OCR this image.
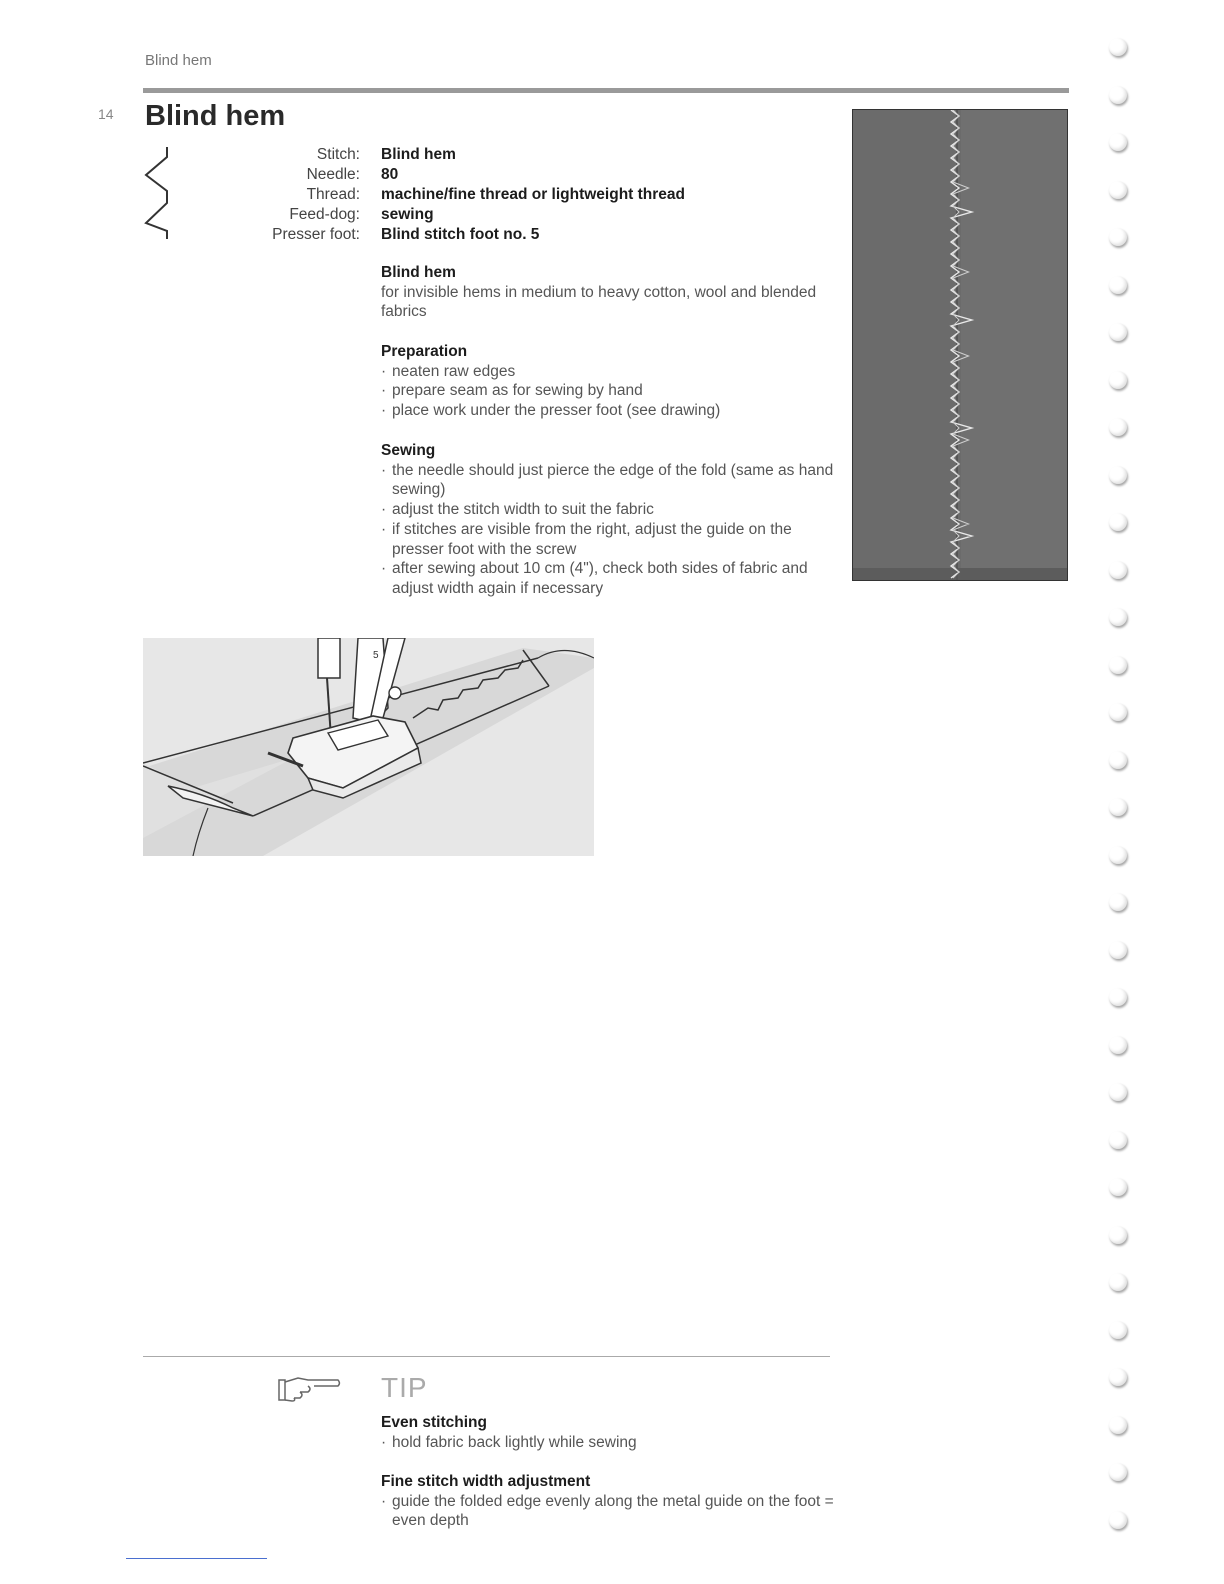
Blind hem
14 Blind hem
Stitch:	Blind hem
Needle:	80
Thread:	machine/fine thread or lightweight thread
Feed-dog:	sewing
Presser foot:	Blind stitch foot no. 5
Blind hem
for invisible hems in medium to heavy cotton, wool and blended fabrics
Preparation
· neaten raw edges
· prepare seam as for sewing by hand
· place work under the presser foot (see drawing)
Sewing
· the needle should just pierce the edge of the fold (same as hand sewing)
· adjust the stitch width to suit the fabric
· if stitches are visible from the right, adjust the guide on the presser foot with the screw
· after sewing about 10 cm (4"), check both sides of fabric and adjust width again if necessary
5
TIP
Even stitching
· hold fabric back lightly while sewing
Fine stitch width adjustment
· guide the folded edge evenly along the metal guide on the foot = even depth
